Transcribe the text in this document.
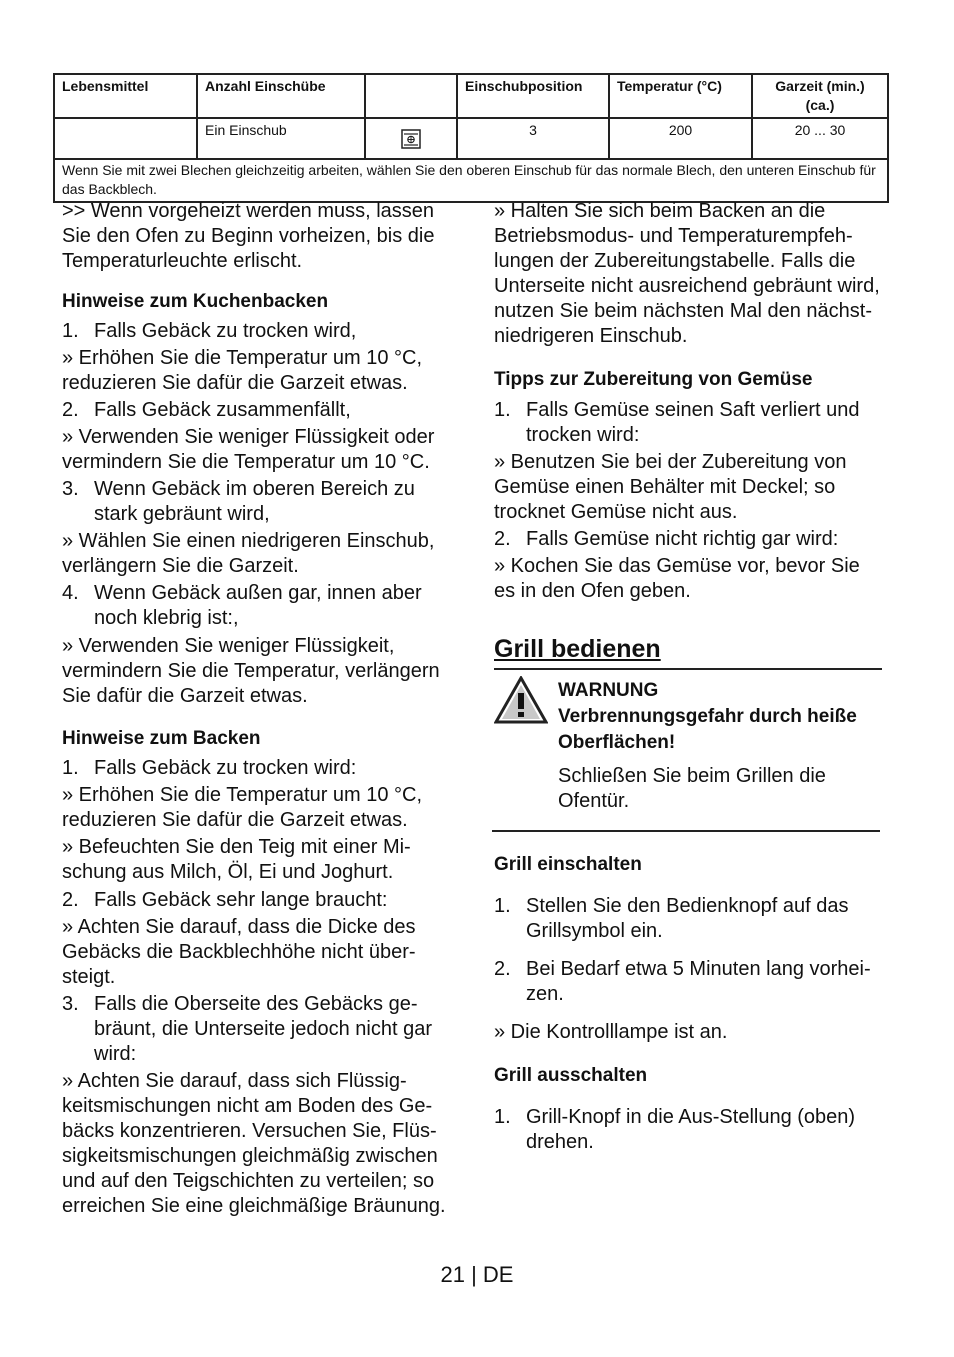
Lebensmittel	Anzahl Einschübe		Einschubposition	Temperatur (°C)	Garzeit (min.) (ca.)
	Ein Einschub		3	200	20 ... 30
Wenn Sie mit zwei Blechen gleichzeitig arbeiten, wählen Sie den oberen Einschub für das normale Blech, den unteren Einschub für das Backblech.					

>> Wenn vorgeheizt werden muss, lassen Sie den Ofen zu Beginn vorheizen, bis die Temperaturleuchte erlischt.

Hinweise zum Kuchenbacken

1. Falls Gebäck zu trocken wird,

» Erhöhen Sie die Temperatur um 10 °C, reduzieren Sie dafür die Garzeit etwas.

2. Falls Gebäck zusammenfällt,

» Verwenden Sie weniger Flüssigkeit oder vermindern Sie die Temperatur um 10 °C.

3. Wenn Gebäck im oberen Bereich zu stark gebräunt wird,

» Wählen Sie einen niedrigeren Einschub, verlängern Sie die Garzeit.

4. Wenn Gebäck außen gar, innen aber noch klebrig ist:,

» Verwenden Sie weniger Flüssigkeit, vermindern Sie die Temperatur, verlängern Sie dafür die Garzeit etwas.

Hinweise zum Backen

1. Falls Gebäck zu trocken wird:

» Erhöhen Sie die Temperatur um 10 °C, reduzieren Sie dafür die Garzeit etwas.

» Befeuchten Sie den Teig mit einer Mi-schung aus Milch, Öl, Ei und Joghurt.

2. Falls Gebäck sehr lange braucht:

» Achten Sie darauf, dass die Dicke des Gebäcks die Backblechhöhe nicht über-steigt.

3. Falls die Oberseite des Gebäcks ge-bräunt, die Unterseite jedoch nicht gar wird:

» Achten Sie darauf, dass sich Flüssig-keitsmischungen nicht am Boden des Ge-bäcks konzentrieren. Versuchen Sie, Flüs-sigkeitsmischungen gleichmäßig zwischen und auf den Teigschichten zu verteilen; so erreichen Sie eine gleichmäßige Bräunung.

» Halten Sie sich beim Backen an die Betriebsmodus- und Temperaturempfeh-lungen der Zubereitungstabelle. Falls die Unterseite nicht ausreichend gebräunt wird, nutzen Sie beim nächsten Mal den nächst-niedrigeren Einschub.

Tipps zur Zubereitung von Gemüse

1. Falls Gemüse seinen Saft verliert und trocken wird:

» Benutzen Sie bei der Zubereitung von Gemüse einen Behälter mit Deckel; so trocknet Gemüse nicht aus.

2. Falls Gemüse nicht richtig gar wird:

» Kochen Sie das Gemüse vor, bevor Sie es in den Ofen geben.

Grill bedienen

WARNUNG
Verbrennungsgefahr durch heiße Oberflächen!
Schließen Sie beim Grillen die Ofentür.

Grill einschalten

1. Stellen Sie den Bedienknopf auf das Grillsymbol ein.
2. Bei Bedarf etwa 5 Minuten lang vorhei-zen.

» Die Kontrolllampe ist an.

Grill ausschalten

1. Grill-Knopf in die Aus-Stellung (oben) drehen.
21 | DE
